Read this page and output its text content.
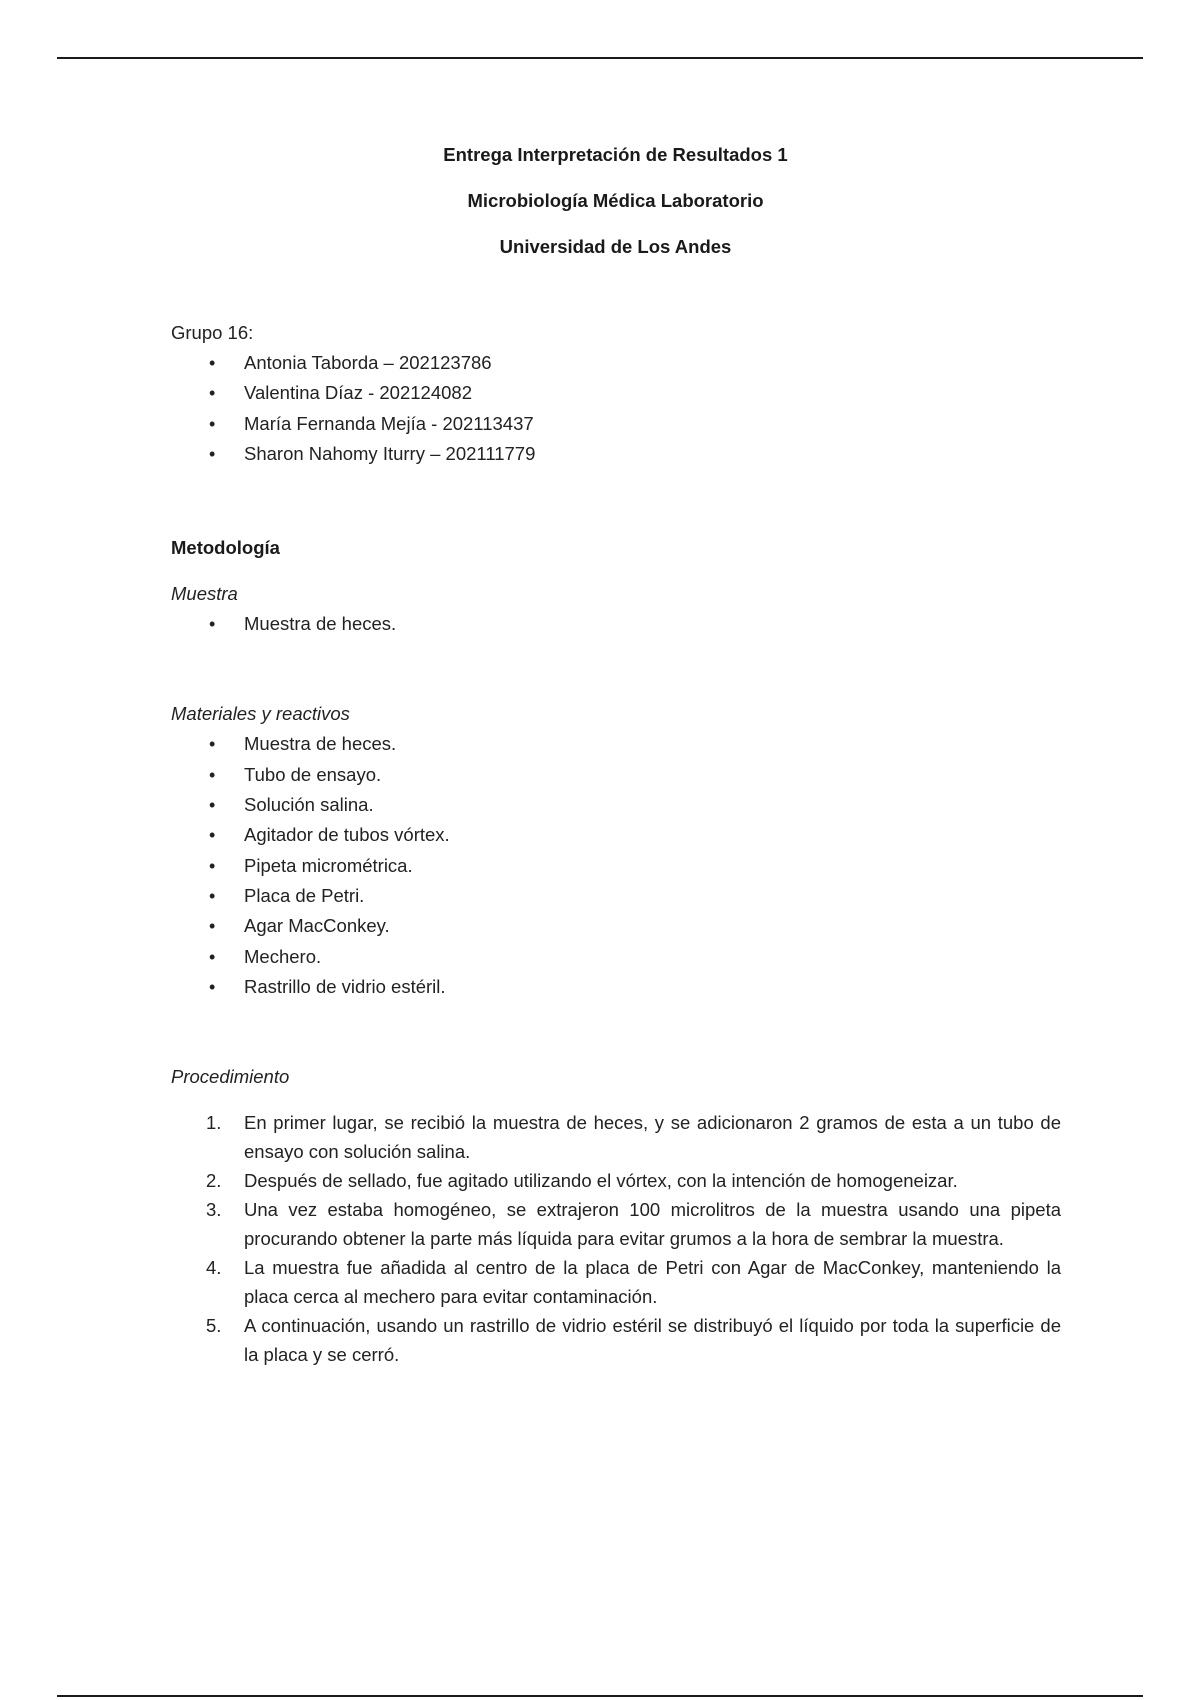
Entrega Interpretación de Resultados 1
Microbiología Médica Laboratorio
Universidad de Los Andes
Grupo 16:
• Antonia Taborda – 202123786
• Valentina Díaz - 202124082
• María Fernanda Mejía - 202113437
• Sharon Nahomy Iturry – 202111779
Metodología
Muestra
• Muestra de heces.
Materiales y reactivos
• Muestra de heces.
• Tubo de ensayo.
• Solución salina.
• Agitador de tubos vórtex.
• Pipeta micrométrica.
• Placa de Petri.
• Agar MacConkey.
• Mechero.
• Rastrillo de vidrio estéril.
Procedimiento
1. En primer lugar, se recibió la muestra de heces, y se adicionaron 2 gramos de esta a un tubo de ensayo con solución salina.
2. Después de sellado, fue agitado utilizando el vórtex, con la intención de homogeneizar.
3. Una vez estaba homogéneo, se extrajeron 100 microlitros de la muestra usando una pipeta procurando obtener la parte más líquida para evitar grumos a la hora de sembrar la muestra.
4. La muestra fue añadida al centro de la placa de Petri con Agar de MacConkey, manteniendo la placa cerca al mechero para evitar contaminación.
5. A continuación, usando un rastrillo de vidrio estéril se distribuyó el líquido por toda la superficie de la placa y se cerró.
